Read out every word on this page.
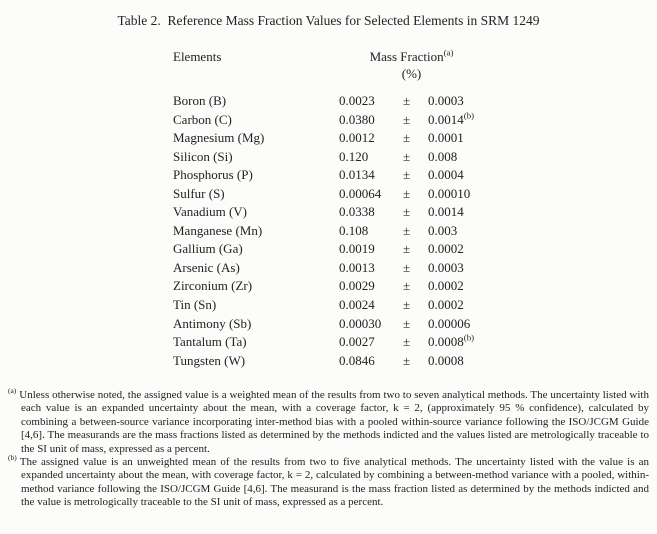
Table 2.  Reference Mass Fraction Values for Selected Elements in SRM 1249
Elements	Mass Fraction$^{(a)}$
(%)
Boron (B)	0.0023	±	0.0003
Carbon (C)	0.0380	±	$0.0014^{(b)}$
Magnesium (Mg)	0.0012	±	0.0001
Silicon (Si)	0.120	±	0.008
Phosphorus (P)	0.0134	±	0.0004
Sulfur (S)	0.00064	±	0.00010
Vanadium (V)	0.0338	±	0.0014
Manganese (Mn)	0.108	±	0.003
Gallium (Ga)	0.0019	±	0.0002
Arsenic (As)	0.0013	±	0.0003
Zirconium (Zr)	0.0029	±	0.0002
Tin (Sn)	0.0024	±	0.0002
Antimony (Sb)	0.00030	±	0.00006
Tantalum (Ta)	0.0027	±	$0.0008^{(b)}$
Tungsten (W)	0.0846	±	0.0008
$^{(a)}$ Unless otherwise noted, the assigned value is a weighted mean of the results from two to seven analytical methods. The uncertainty listed with each value is an expanded uncertainty about the mean, with a coverage factor, k = 2, (approximately 95 % confidence), calculated by combining a between-source variance incorporating inter-method bias with a pooled within-source variance following the ISO/JCGM Guide [4,6]. The measurands are the mass fractions listed as determined by the methods indicted and the values listed are metrologically traceable to the SI unit of mass, expressed as a percent.
$^{(b)}$ The assigned value is an unweighted mean of the results from two to five analytical methods. The uncertainty listed with the value is an expanded uncertainty about the mean, with coverage factor, k = 2, calculated by combining a between-method variance with a pooled, within-method variance following the ISO/JCGM Guide [4,6]. The measurand is the mass fraction listed as determined by the methods indicted and the value is metrologically traceable to the SI unit of mass, expressed as a percent.
